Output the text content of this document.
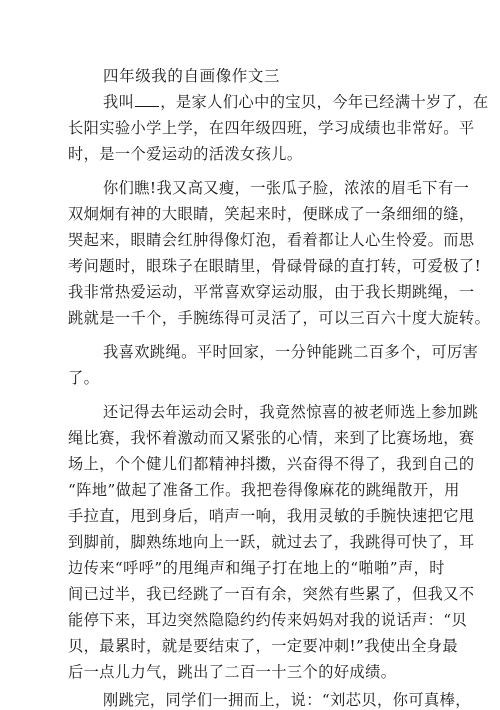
四年级我的自画像作文三
我叫 ，是家人们心中的宝贝，今年已经满十岁了，在
长阳实验小学上学，在四年级四班，学习成绩也非常好。平
时，是一个爱运动的活泼女孩儿。
你们瞧!我又高又瘦，一张瓜子脸，浓浓的眉毛下有一
双炯炯有神的大眼睛，笑起来时，便眯成了一条细细的缝，
哭起来，眼睛会红肿得像灯泡，看着都让人心生怜爱。而思
考问题时，眼珠子在眼睛里，骨碌骨碌的直打转，可爱极了!
我非常热爱运动，平常喜欢穿运动服，由于我长期跳绳，一
跳就是一千个，手腕练得可灵活了，可以三百六十度大旋转。
我喜欢跳绳。平时回家，一分钟能跳二百多个，可厉害
了。
还记得去年运动会时，我竟然惊喜的被老师选上参加跳
绳比赛，我怀着激动而又紧张的心情，来到了比赛场地，赛
场上，个个健儿们都精神抖擞，兴奋得不得了，我到自己的
“阵地”做起了准备工作。我把卷得像麻花的跳绳散开，用
手拉直，甩到身后，哨声一响，我用灵敏的手腕快速把它甩
到脚前，脚熟练地向上一跃，就过去了，我跳得可快了，耳
边传来“呼呼”的甩绳声和绳子打在地上的“啪啪”声，时
间已过半，我已经跳了一百有余，突然有些累了，但我又不
能停下来，耳边突然隐隐约约传来妈妈对我的说话声：“贝
贝，最累时，就是要结束了，一定要冲刺!”我使出全身最
后一点儿力气，跳出了二百一十三个的好成绩。
刚跳完，同学们一拥而上，说：“刘芯贝，你可真棒，
